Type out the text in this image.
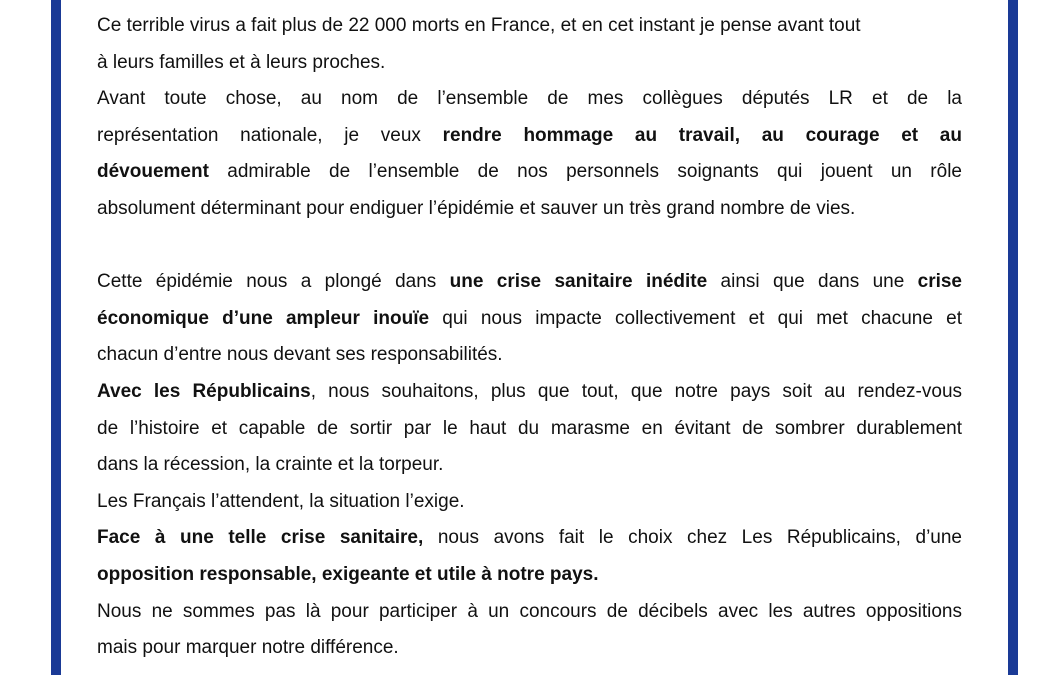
Ce terrible virus a fait plus de 22 000 morts en France, et en cet instant je pense avant tout

à leurs familles et à leurs proches.

Avant toute chose, au nom de l’ensemble de mes collègues députés LR et de la

représentation nationale, je veux rendre hommage au travail, au courage et au

dévouement admirable de l’ensemble de nos personnels soignants qui jouent un rôle

absolument déterminant pour endiguer l’épidémie et sauver un très grand nombre de vies.

Cette épidémie nous a plongé dans une crise sanitaire inédite ainsi que dans une crise

économique d’une ampleur inouïe qui nous impacte collectivement et qui met chacune et

chacun d’entre nous devant ses responsabilités.

Avec les Républicains, nous souhaitons, plus que tout, que notre pays soit au rendez-vous

de l’histoire et capable de sortir par le haut du marasme en évitant de sombrer durablement

dans la récession, la crainte et la torpeur.

Les Français l’attendent, la situation l’exige.

Face à une telle crise sanitaire, nous avons fait le choix chez Les Républicains, d’une

opposition responsable, exigeante et utile à notre pays.

Nous ne sommes pas là pour participer à un concours de décibels avec les autres oppositions

mais pour marquer notre différence.
